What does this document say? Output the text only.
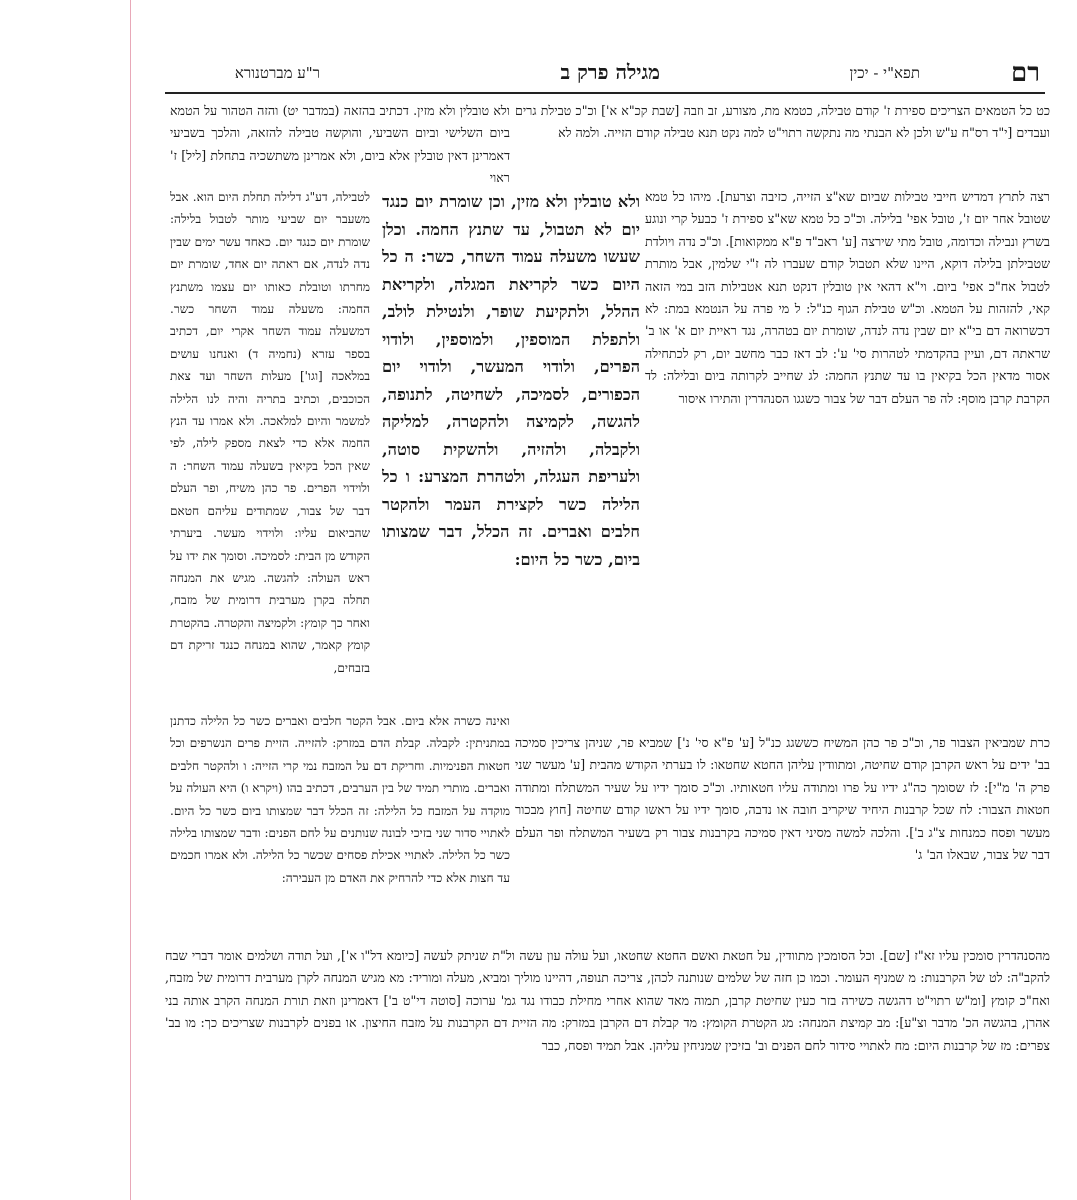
רם
תפא"י - יכין
מגילה פרק ב
ר"ע מברטנורא

כט כל הטמאים הצריכים ספירת ז' קודם טבילה, כטמא מת, מצורע, זב וזבה [שבת קכ"א א'] וכ"כ טבילת גרים ועבדים [י"ד רס"ח ע"ש ולכן לא הבנתי מה נתקשה רתוי"ט למה נקט תנא טבילה קודם הזייה. ולמה לא

רצה לתרץ דמדיש חייבי טבילות שביום שא"צ הזייה, כזיבה וצרעת]. מיהו כל טמא שטובל אחר יום ז', טובל אפי' בלילה. וכ"כ כל טמא שא"צ ספירת ז' כבעל קרי ונוגע בשרץ ונבילה וכדומה, טובל מתי שירצה [ע' ראב"ד פ"א ממקואות]. וכ"כ נדה ויולדת שטבילתן בלילה דוקא, היינו שלא תטבול קודם שעברו לה ז"י שלמין, אבל מותרת לטבול אח"כ אפי' ביום. וי"א דהאי אין טובלין דנקט תנא אטבילות הזב במי הזאה קאי, להזהות על הטמא. וכ"ש טבילת הגוף כנ"ל: ל מי פרה על הנטמא במת: לא דכשרואה דם בי"א יום שבין נדה לנדה, שומרת יום בטהרה, נגד ראיית יום א' או ב' שראתה דם, ועיין בהקדמתי לטהרות סי' ע': לב דאז כבר מחשב יום, רק לכתחילה אסור מדאין הכל בקיאין בו עד שתנץ החמה: לג שחייב לקרותה ביום ובלילה: לד הקרבת קרבן מוסף: לה פר העלם דבר של צבור כשגגו הסנהדרין והתירו איסור

כרת שמביאין הצבור פר, וכ"כ פר כהן המשיח כששגג כנ"ל [ע' פ"א סי' נ'] שמביא פר, שניהן צריכין סמיכה בב' ידים על ראש הקרבן קודם שחיטה, ומתוודין עליהן החטא שחטאו: לו בערתי הקודש מהבית [ע' מעשר שני פרק ה' מ"י]: לז שסומך כה"ג ידיו על פרו ומתודה עליו חטאותיו. וכ"כ סומך ידיו על שעיר המשתלח ומתודה חטאות הצבור: לח שכל קרבנות היחיד שיקריב חובה או נדבה, סומך ידיו על ראשו קודם שחיטה [חוץ מבכור מעשר ופסח כמנחות צ"ג ב']. והלכה למשה מסיני דאין סמיכה בקרבנות צבור רק בשעיר המשתלח ופר העלם דבר של צבור, שבאלו הב' ג'

ולא טובלין ולא מזין. דכתיב בהזאה (במדבר יט) והזה הטהור על הטמא ביום השלישי וביום השביעי, והוקשה טבילה להזאה, והלכך בשביעי דאמרינן דאין טובלין אלא ביום, ולא אמרינן משתשכיה בתחלת [ליל] ז' ראוי

לטבילה, דע"ג דלילה תחלת היום הוא. אבל משעבר יום שביעי מותר לטבול בלילה: שומרת יום כנגד יום. כאחד עשר ימים שבין נדה לנדה, אם ראתה יום אחד, שומרת יום מחרתו וטובלת כאותו יום עצמו משתנץ החמה: משעלה עמוד השחר כשר. דמשעלה עמוד השחר אקרי יום, דכתיב בספר עזרא (נחמיה ד) ואנחנו עושים במלאכה [וגו'] מעלות השחר ועד צאת הכוכבים, וכתיב בתריה והיה לנו הלילה למשמר והיום למלאכה. ולא אמרו עד הנץ החמה אלא כדי לצאת מספק לילה, לפי שאין הכל בקיאין בשעלה עמוד השחר: ה ולוידוי הפרים. פר כהן משיח, ופר העלם דבר של צבור, שמתודים עליהם חטאם שהביאום עליו: ולוידוי מעשר. ביערתי הקודש מן הבית: לסמיכה. וסומך את ידו על ראש העולה: להגשה. מגיש את המנחה תחלה בקרן מערבית דרומית של מזבח, ואחר כך קומץ: ולקמיצה והקטרה. בהקטרת קומץ קאמר, שהוא במנחה כנגד זריקת דם בזבחים,

ואינה כשרה אלא ביום. אבל הקטר חלבים ואברים כשר כל הלילה כדתנן במתניתין: לקבלה. קבלת הדם במזרק: להזייה. הזיית פרים הנשרפים וכל חטאות הפנימיות. וחריקת דם על המזבח נמי קרי הזייה: ו ולהקטר חלבים ואברים. מותרי תמיד של בין הערבים, דכתיב בהו (ויקרא ו) היא העולה על מוקדה על המזבח כל הלילה: זה הכלל דבר שמצותו ביום כשר כל היום. לאתויי סדור שני בזיכי לבונה שנותנים על לחם הפנים: ודבר שמצותו בלילה כשר כל הלילה. לאתויי אכילת פסחים שכשר כל הלילה. ולא אמרו חכמים עד חצות אלא כדי להרחיק את האדם מן העבירה:

ולא טובלין ולא מזין, וכן שומרת יום כנגד יום לא תטבול, עד שתנץ החמה. וכלן שעשו משעלה עמוד השחר, כשר: ה כל היום כשר לקריאת המגלה, ולקריאת ההלל, ולתקיעת שופר, ולנטילת לולב, ולתפלת המוספין, ולמוספין, ולודוי הפרים, ולודוי המעשר, ולודוי יום הכפורים, לסמיכה, לשחיטה, לתנופה, להגשה, לקמיצה ולהקטרה, למליקה ולקבלה, ולהזיה, ולהשקית סוטה, ולעריפת העגלה, ולטהרת המצרע: ו כל הלילה כשר לקצירת העמר ולהקטר חלבים ואברים. זה הכלל, דבר שמצותו ביום, כשר כל היום:

מהסנהדרין סומכין עליו זא"ז [שם]. וכל הסומכין מתוודין, על חטאת ואשם החטא שחטאו, ועל עולה עון עשה ול"ת שניתק לעשה [כיומא דל"ו א'], ועל תודה ושלמים אומר דברי שבח להקב"ה: לט של הקרבנות: מ שמניף העומר. וכמו כן חזה של שלמים שנותנה לכהן, צריכה תנופה, דהיינו מוליך ומביא, מעלה ומוריד: מא מגיש המנחה לקרן מערבית דרומית של מזבח, ואח"כ קומץ [ומ"ש רתוי"ט דהגשה כשירה בזר כעין שחיטת קרבן, תמוה מאד שהוא אחרי מחילת כבודו נגד גמ' ערוכה [סוטה די"ט ב'] דאמרינן וזאת תורת המנחה הקרב אותה בני אהרן, בהגשה הכ' מדבר וצ"ע]: מב קמיצת המנחה: מג הקטרת הקומץ: מד קבלת דם הקרבן במזרק: מה הזיית דם הקרבנות על מזבח החיצון. או בפנים לקרבנות שצריכים כך: מו בב' צפרים: מז של קרבנות היום: מח לאתויי סידור לחם הפנים וב' בזיכין שמניחין עליהן. אבל תמיד ופסח, כבר
